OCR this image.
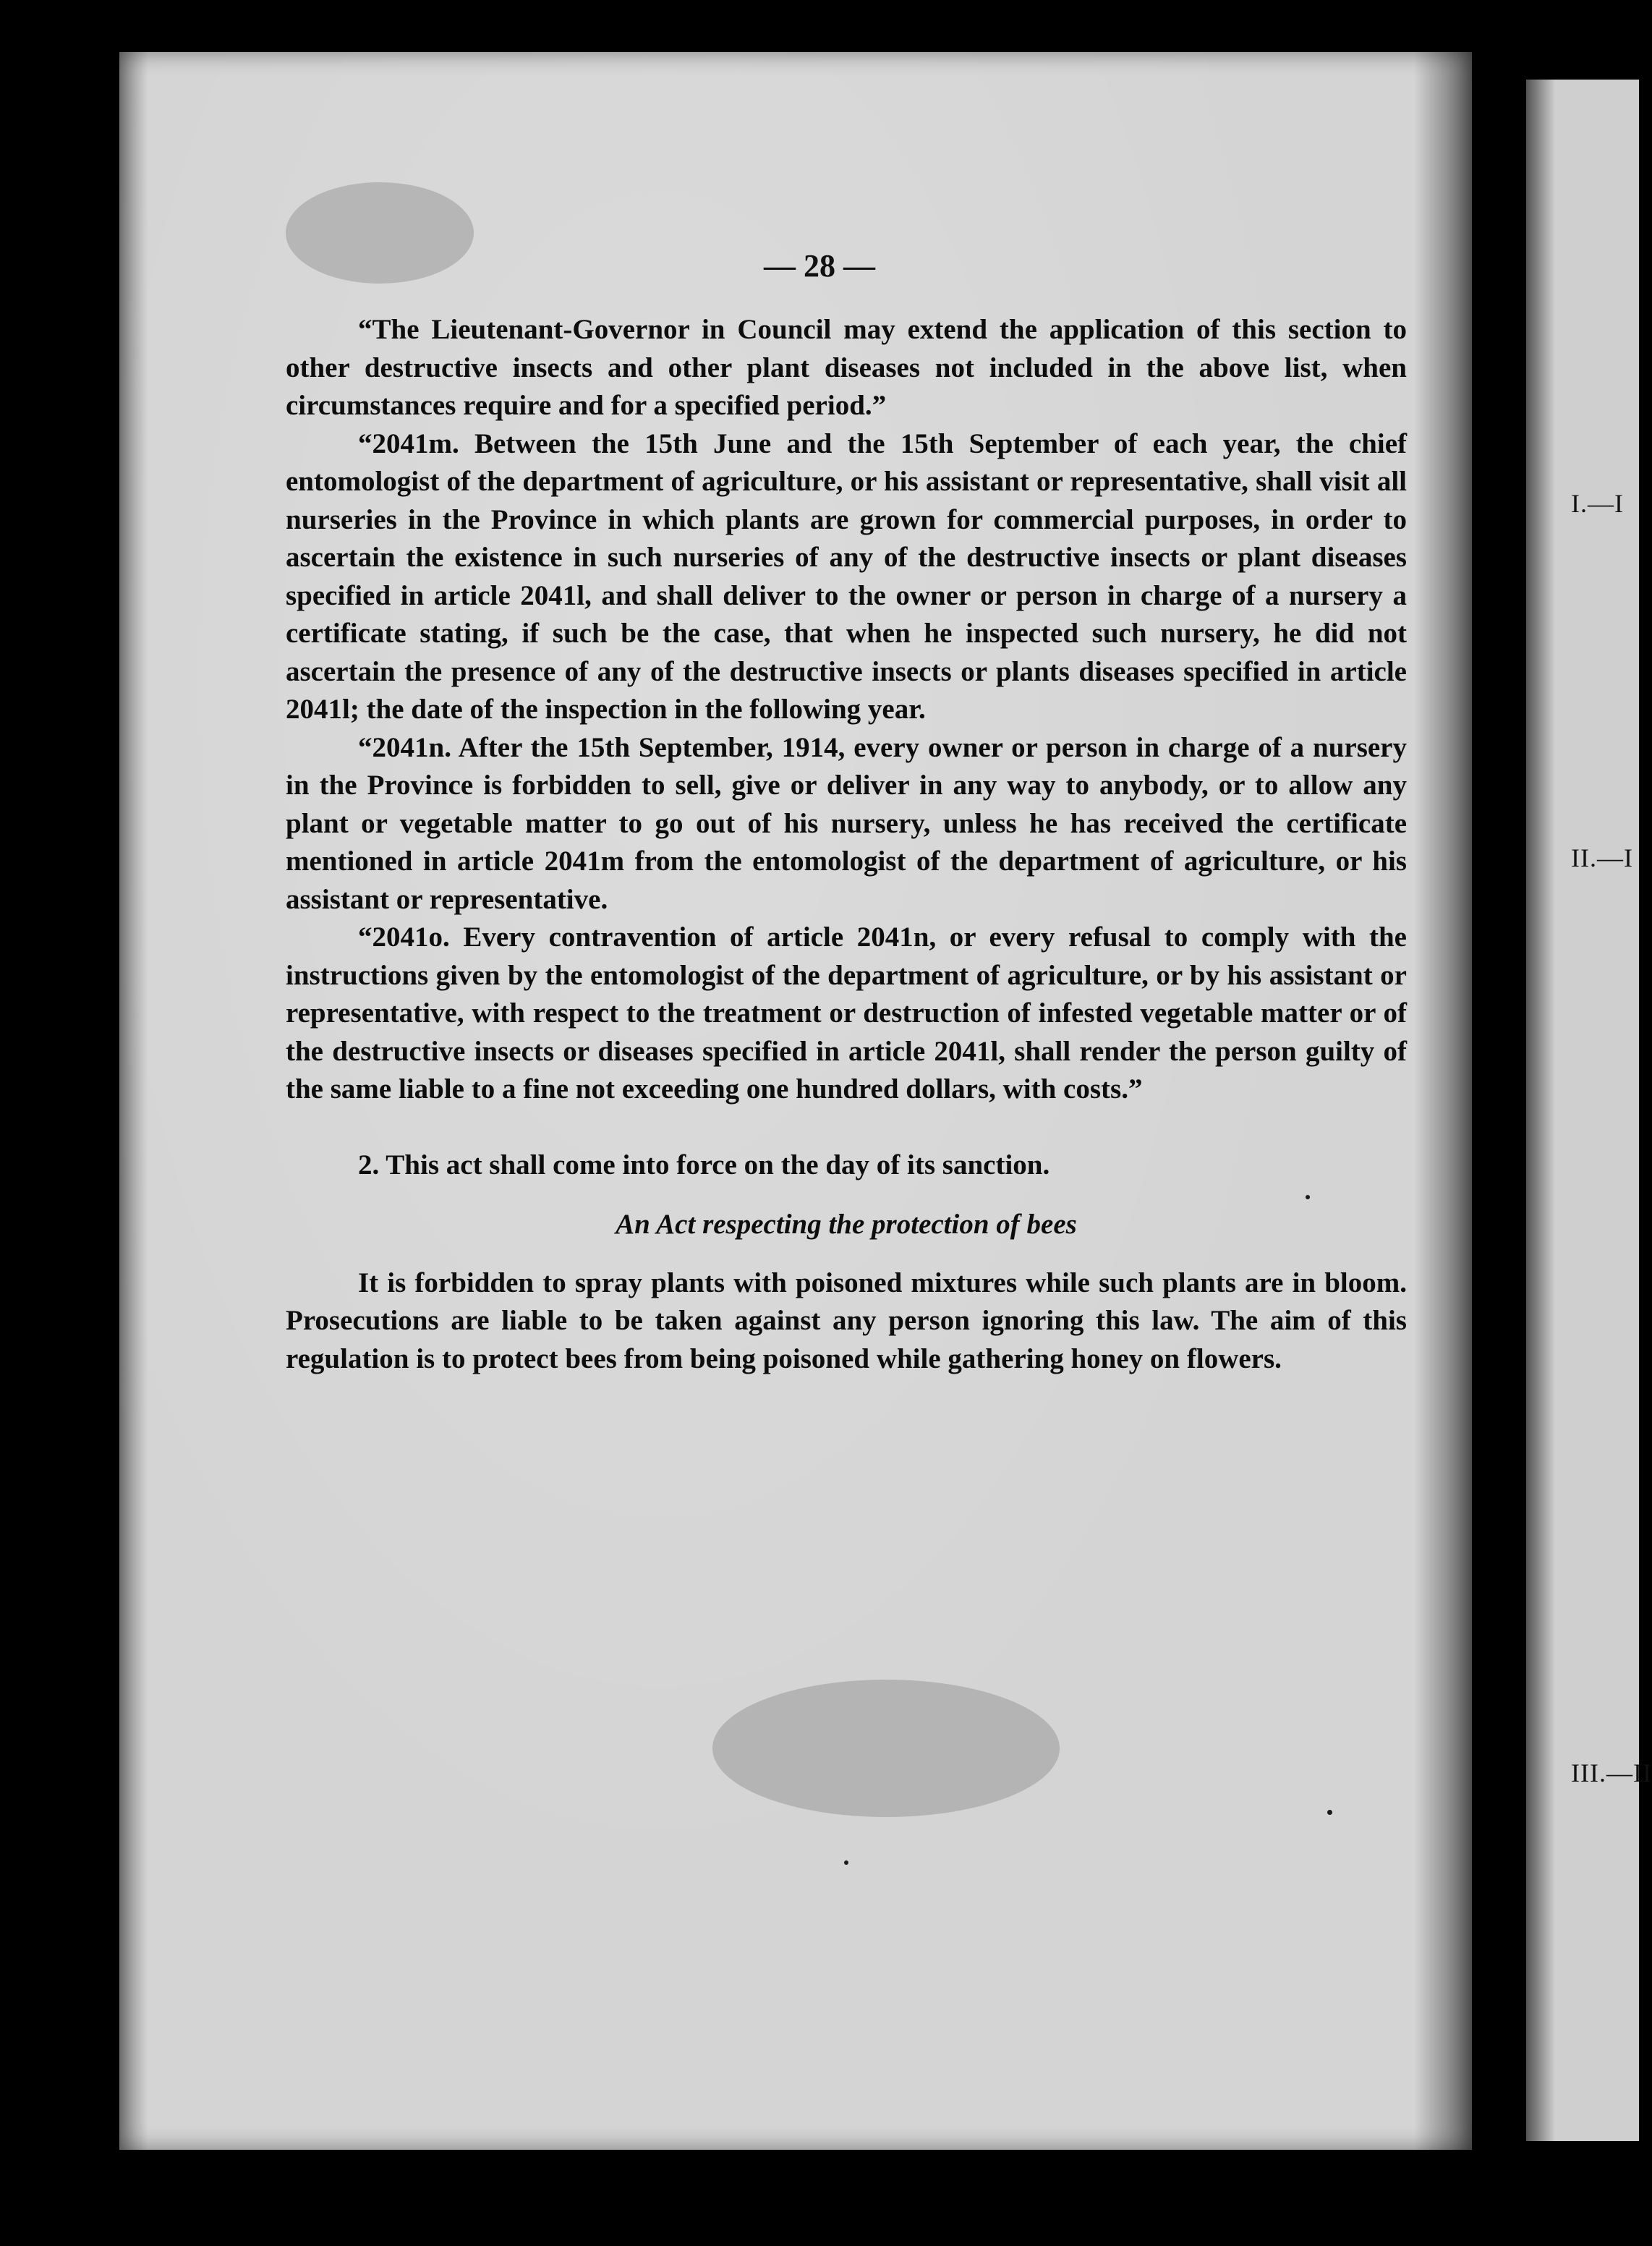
I.—I
II.—I
III.—II
— 28 —

“The Lieutenant-Governor in Council may extend the application of this section to other destructive insects and other plant diseases not included in the above list, when circumstances require and for a specified period.”

“2041m. Between the 15th June and the 15th September of each year, the chief entomologist of the department of agriculture, or his assistant or representative, shall visit all nurseries in the Province in which plants are grown for commercial purposes, in order to ascertain the existence in such nurseries of any of the destructive insects or plant diseases specified in article 2041l, and shall deliver to the owner or person in charge of a nursery a certificate stating, if such be the case, that when he inspected such nursery, he did not ascertain the presence of any of the destructive insects or plants diseases specified in article 2041l; the date of the inspection in the following year.

“2041n. After the 15th September, 1914, every owner or person in charge of a nursery in the Province is forbidden to sell, give or deliver in any way to anybody, or to allow any plant or vegetable matter to go out of his nursery, unless he has received the certificate mentioned in article 2041m from the entomologist of the department of agriculture, or his assistant or representative.

“2041o. Every contravention of article 2041n, or every refusal to comply with the instructions given by the entomologist of the department of agriculture, or by his assistant or representative, with respect to the treatment or destruction of infested vegetable matter or of the destructive insects or diseases specified in article 2041l, shall render the person guilty of the same liable to a fine not exceeding one hundred dollars, with costs.”

2. This act shall come into force on the day of its sanction.

An Act respecting the protection of bees

It is forbidden to spray plants with poisoned mixtures while such plants are in bloom. Prosecutions are liable to be taken against any person ignoring this law. The aim of this regulation is to protect bees from being poisoned while gathering honey on flowers.
